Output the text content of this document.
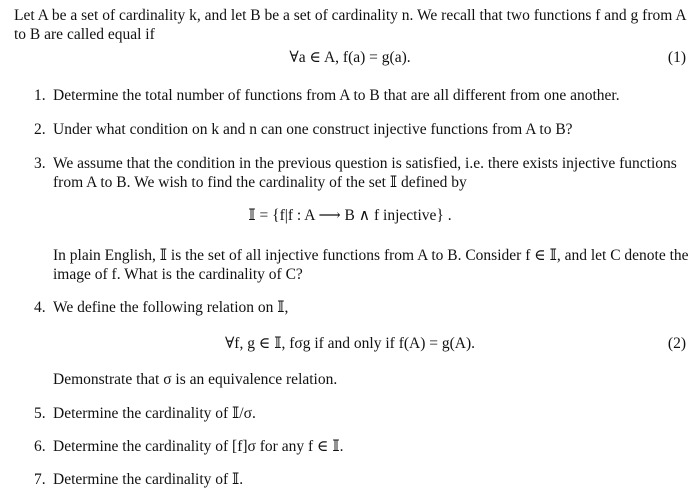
Let A be a set of cardinality k, and let B be a set of cardinality n. We recall that two functions f and g from A to B are called equal if
∀a ∈ A, f(a) = g(a).	(1)
1. Determine the total number of functions from A to B that are all different from one another.
2. Under what condition on k and n can one construct injective functions from A to B?
3. We assume that the condition in the previous question is satisfied, i.e. there exists injective functions from A to B. We wish to find the cardinality of the set 𝕀 defined by
𝕀 = {f|f : A ⟶ B ∧ f injective} .
In plain English, 𝕀 is the set of all injective functions from A to B. Consider f ∈ 𝕀, and let C denote the image of f. What is the cardinality of C?
4. We define the following relation on 𝕀,
∀f, g ∈ 𝕀, fσg if and only if f(A) = g(A).	(2)
Demonstrate that σ is an equivalence relation.
5. Determine the cardinality of 𝕀/σ.
6. Determine the cardinality of [f]σ for any f ∈ 𝕀.
7. Determine the cardinality of 𝕀.
